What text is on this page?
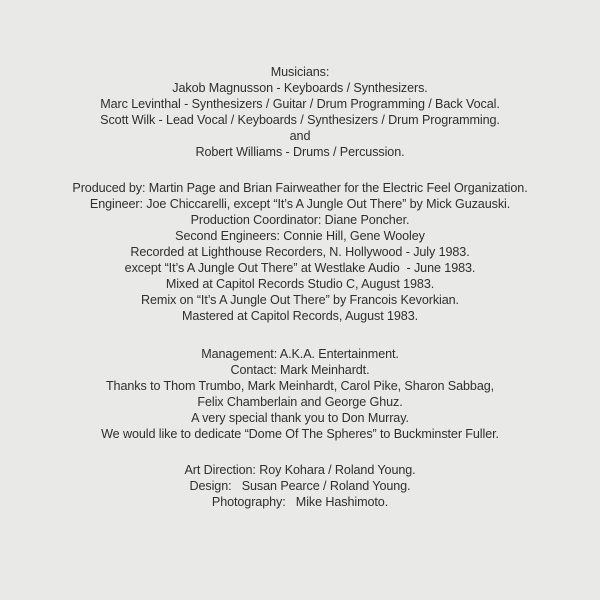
Musicians:
Jakob Magnusson - Keyboards / Synthesizers.
Marc Levinthal - Synthesizers / Guitar / Drum Programming / Back Vocal.
Scott Wilk - Lead Vocal / Keyboards / Synthesizers / Drum Programming.
and
Robert Williams - Drums / Percussion.
Produced by: Martin Page and Brian Fairweather for the Electric Feel Organization.
Engineer: Joe Chiccarelli, except “It’s A Jungle Out There” by Mick Guzauski.
Production Coordinator: Diane Poncher.
Second Engineers: Connie Hill, Gene Wooley
Recorded at Lighthouse Recorders, N. Hollywood - July 1983.
except “It’s A Jungle Out There” at Westlake Audio  - June 1983.
Mixed at Capitol Records Studio C, August 1983.
Remix on “It’s A Jungle Out There” by Francois Kevorkian.
Mastered at Capitol Records, August 1983.
Management: A.K.A. Entertainment.
Contact: Mark Meinhardt.
Thanks to Thom Trumbo, Mark Meinhardt, Carol Pike, Sharon Sabbag,
Felix Chamberlain and George Ghuz.
A very special thank you to Don Murray.
We would like to dedicate “Dome Of The Spheres” to Buckminster Fuller.
Art Direction: Roy Kohara / Roland Young.
Design:   Susan Pearce / Roland Young.
Photography:   Mike Hashimoto.
